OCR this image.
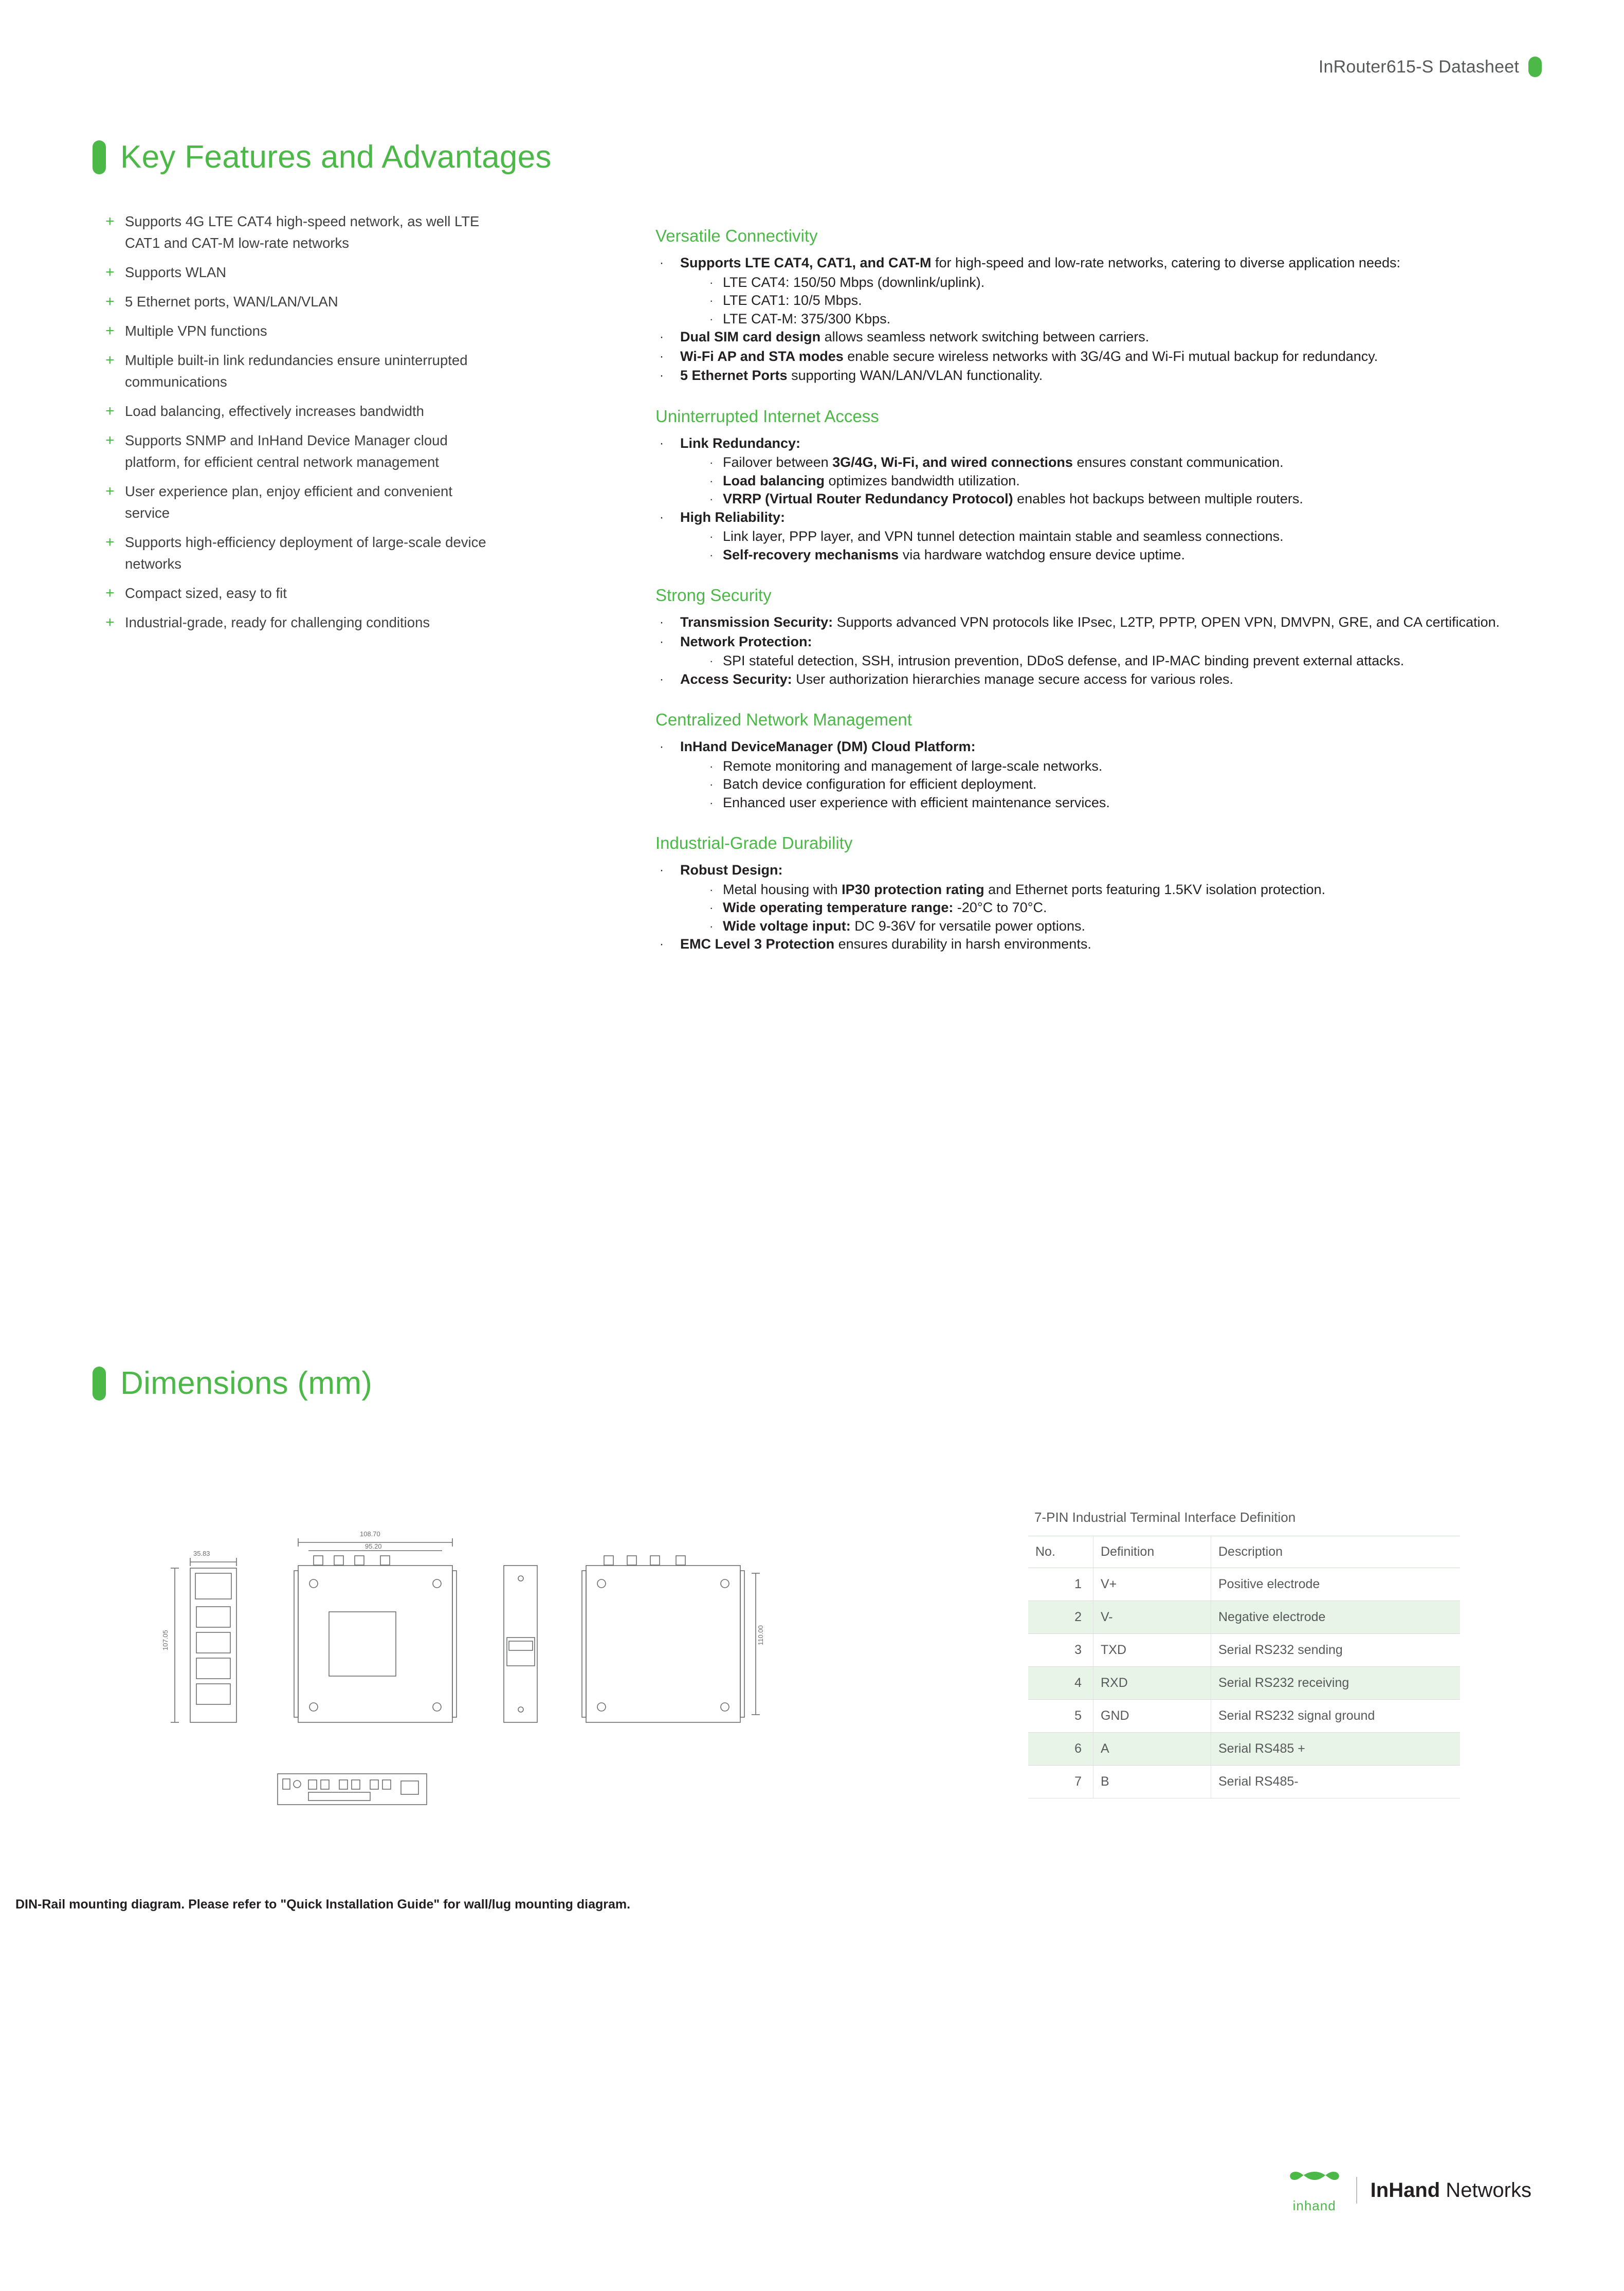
InRouter615-S Datasheet
Key Features and Advantages
+ Supports 4G LTE CAT4 high-speed network, as well LTE CAT1 and CAT-M low-rate networks
+ Supports WLAN
+ 5 Ethernet ports, WAN/LAN/VLAN
+ Multiple VPN functions
+ Multiple built-in link redundancies ensure uninterrupted communications
+ Load balancing, effectively increases bandwidth
+ Supports SNMP and InHand Device Manager cloud platform, for efficient central network management
+ User experience plan, enjoy efficient and convenient service
+ Supports high-efficiency deployment of large-scale device networks
+ Compact sized, easy to fit
+ Industrial-grade, ready for challenging conditions
Versatile Connectivity
·	Supports LTE CAT4, CAT1, and CAT-M for high-speed and low-rate networks, catering to diverse application needs:
· LTE CAT4: 150/50 Mbps (downlink/uplink).
· LTE CAT1: 10/5 Mbps.
· LTE CAT-M: 375/300 Kbps.
·	Dual SIM card design allows seamless network switching between carriers.
·	Wi-Fi AP and STA modes enable secure wireless networks with 3G/4G and Wi-Fi mutual backup for redundancy.
·	5 Ethernet Ports supporting WAN/LAN/VLAN functionality.
Uninterrupted Internet Access
·	Link Redundancy:
· Failover between 3G/4G, Wi-Fi, and wired connections ensures constant communication.
· Load balancing optimizes bandwidth utilization.
· VRRP (Virtual Router Redundancy Protocol) enables hot backups between multiple routers.
·	High Reliability:
· Link layer, PPP layer, and VPN tunnel detection maintain stable and seamless connections.
· Self-recovery mechanisms via hardware watchdog ensure device uptime.
Strong Security
·	Transmission Security: Supports advanced VPN protocols like IPsec, L2TP, PPTP, OPEN VPN, DMVPN, GRE, and CA certification.
·	Network Protection:
· SPI stateful detection, SSH, intrusion prevention, DDoS defense, and IP-MAC binding prevent external attacks.
·	Access Security: User authorization hierarchies manage secure access for various roles.
Centralized Network Management
·	InHand DeviceManager (DM) Cloud Platform:
· Remote monitoring and management of large-scale networks.
· Batch device configuration for efficient deployment.
· Enhanced user experience with efficient maintenance services.
Industrial-Grade Durability
·	Robust Design:
· Metal housing with IP30 protection rating and Ethernet ports featuring 1.5KV isolation protection.
· Wide operating temperature range: -20°C to 70°C.
· Wide voltage input: DC 9-36V for versatile power options.
·	EMC Level 3 Protection ensures durability in harsh environments.
Dimensions (mm)
35.83
108.70
95.20
107.05	110.00
DIN-Rail mounting diagram. Please refer to "Quick Installation Guide" for wall/lug mounting diagram.
7-PIN Industrial Terminal Interface Definition
No.	Definition	Description
1	V+	Positive electrode
2	V-	Negative electrode
3	TXD	Serial RS232 sending
4	RXD	Serial RS232 receiving
5	GND	Serial RS232 signal ground
6	A	Serial RS485 +
7	B	Serial RS485-
inhand
InHand Networks
